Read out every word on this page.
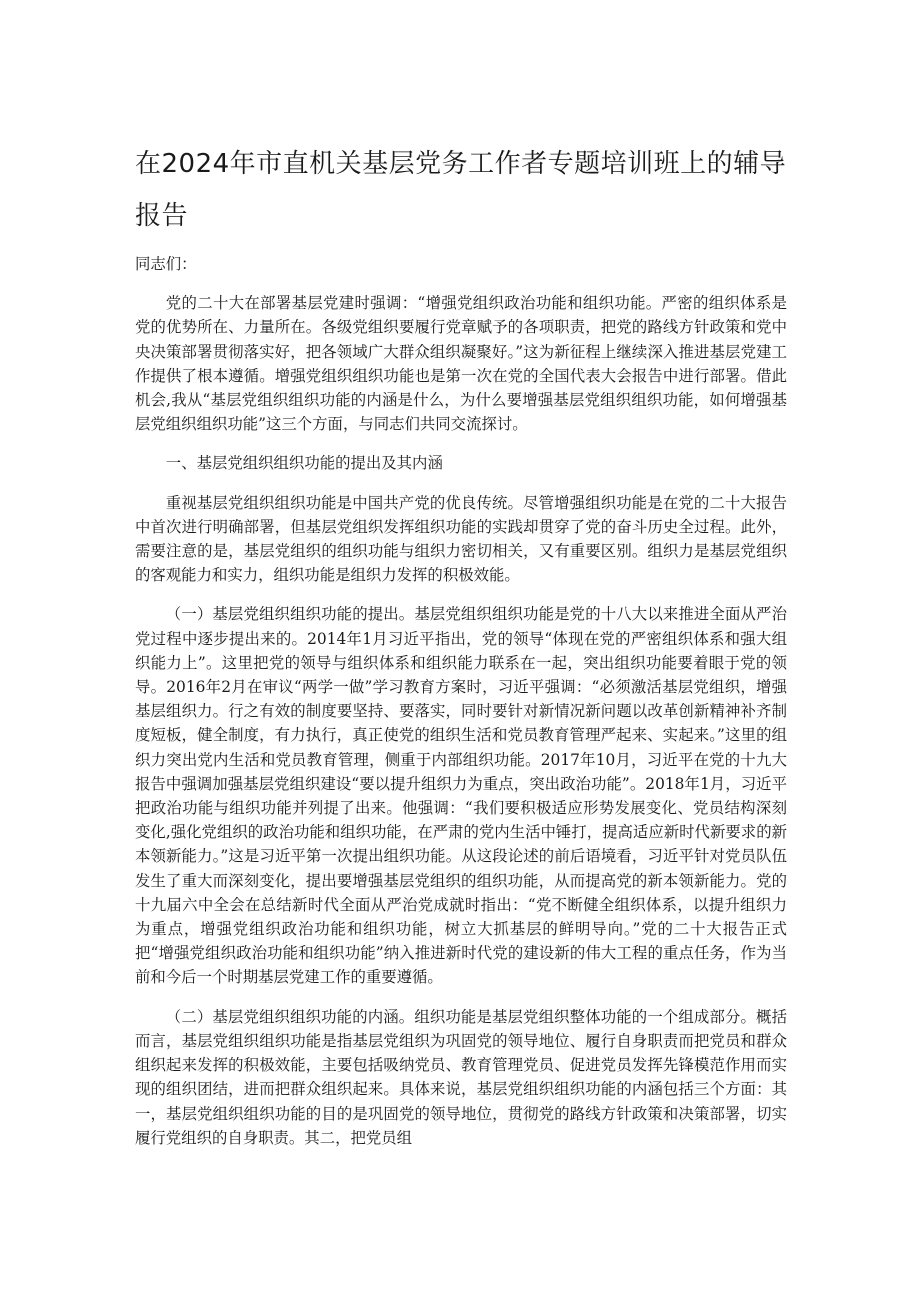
在2024年市直机关基层党务工作者专题培训班上的辅导报告

同志们：

党的二十大在部署基层党建时强调：“增强党组织政治功能和组织功能。严密的组织体系是党的优势所在、力量所在。各级党组织要履行党章赋予的各项职责，把党的路线方针政策和党中央决策部署贯彻落实好，把各领域广大群众组织凝聚好。”这为新征程上继续深入推进基层党建工作提供了根本遵循。增强党组织组织功能也是第一次在党的全国代表大会报告中进行部署。借此机会,我从“基层党组织组织功能的内涵是什么，为什么要增强基层党组织组织功能，如何增强基层党组织组织功能”这三个方面，与同志们共同交流探讨。

一、基层党组织组织功能的提出及其内涵

重视基层党组织组织功能是中国共产党的优良传统。尽管增强组织功能是在党的二十大报告中首次进行明确部署，但基层党组织发挥组织功能的实践却贯穿了党的奋斗历史全过程。此外，需要注意的是，基层党组织的组织功能与组织力密切相关，又有重要区别。组织力是基层党组织的客观能力和实力，组织功能是组织力发挥的积极效能。

（一）基层党组织组织功能的提出。基层党组织组织功能是党的十八大以来推进全面从严治党过程中逐步提出来的。2014年1月习近平指出，党的领导“体现在党的严密组织体系和强大组织能力上”。这里把党的领导与组织体系和组织能力联系在一起，突出组织功能要着眼于党的领导。2016年2月在审议“两学一做”学习教育方案时，习近平强调：“必须激活基层党组织，增强基层组织力。行之有效的制度要坚持、要落实，同时要针对新情况新问题以改革创新精神补齐制度短板，健全制度，有力执行，真正使党的组织生活和党员教育管理严起来、实起来。”这里的组织力突出党内生活和党员教育管理，侧重于内部组织功能。2017年10月，习近平在党的十九大报告中强调加强基层党组织建设“要以提升组织力为重点，突出政治功能”。2018年1月，习近平把政治功能与组织功能并列提了出来。他强调：“我们要积极适应形势发展变化、党员结构深刻变化,强化党组织的政治功能和组织功能，在严肃的党内生活中锤打，提高适应新时代新要求的新本领新能力。”这是习近平第一次提出组织功能。从这段论述的前后语境看，习近平针对党员队伍发生了重大而深刻变化，提出要增强基层党组织的组织功能，从而提高党的新本领新能力。党的十九届六中全会在总结新时代全面从严治党成就时指出：“党不断健全组织体系，以提升组织力为重点，增强党组织政治功能和组织功能，树立大抓基层的鲜明导向。”党的二十大报告正式把“增强党组织政治功能和组织功能”纳入推进新时代党的建设新的伟大工程的重点任务，作为当前和今后一个时期基层党建工作的重要遵循。

（二）基层党组织组织功能的内涵。组织功能是基层党组织整体功能的一个组成部分。概括而言，基层党组织组织功能是指基层党组织为巩固党的领导地位、履行自身职责而把党员和群众组织起来发挥的积极效能，主要包括吸纳党员、教育管理党员、促进党员发挥先锋模范作用而实现的组织团结，进而把群众组织起来。具体来说，基层党组织组织功能的内涵包括三个方面：其一，基层党组织组织功能的目的是巩固党的领导地位，贯彻党的路线方针政策和决策部署，切实履行党组织的自身职责。其二，把党员组
